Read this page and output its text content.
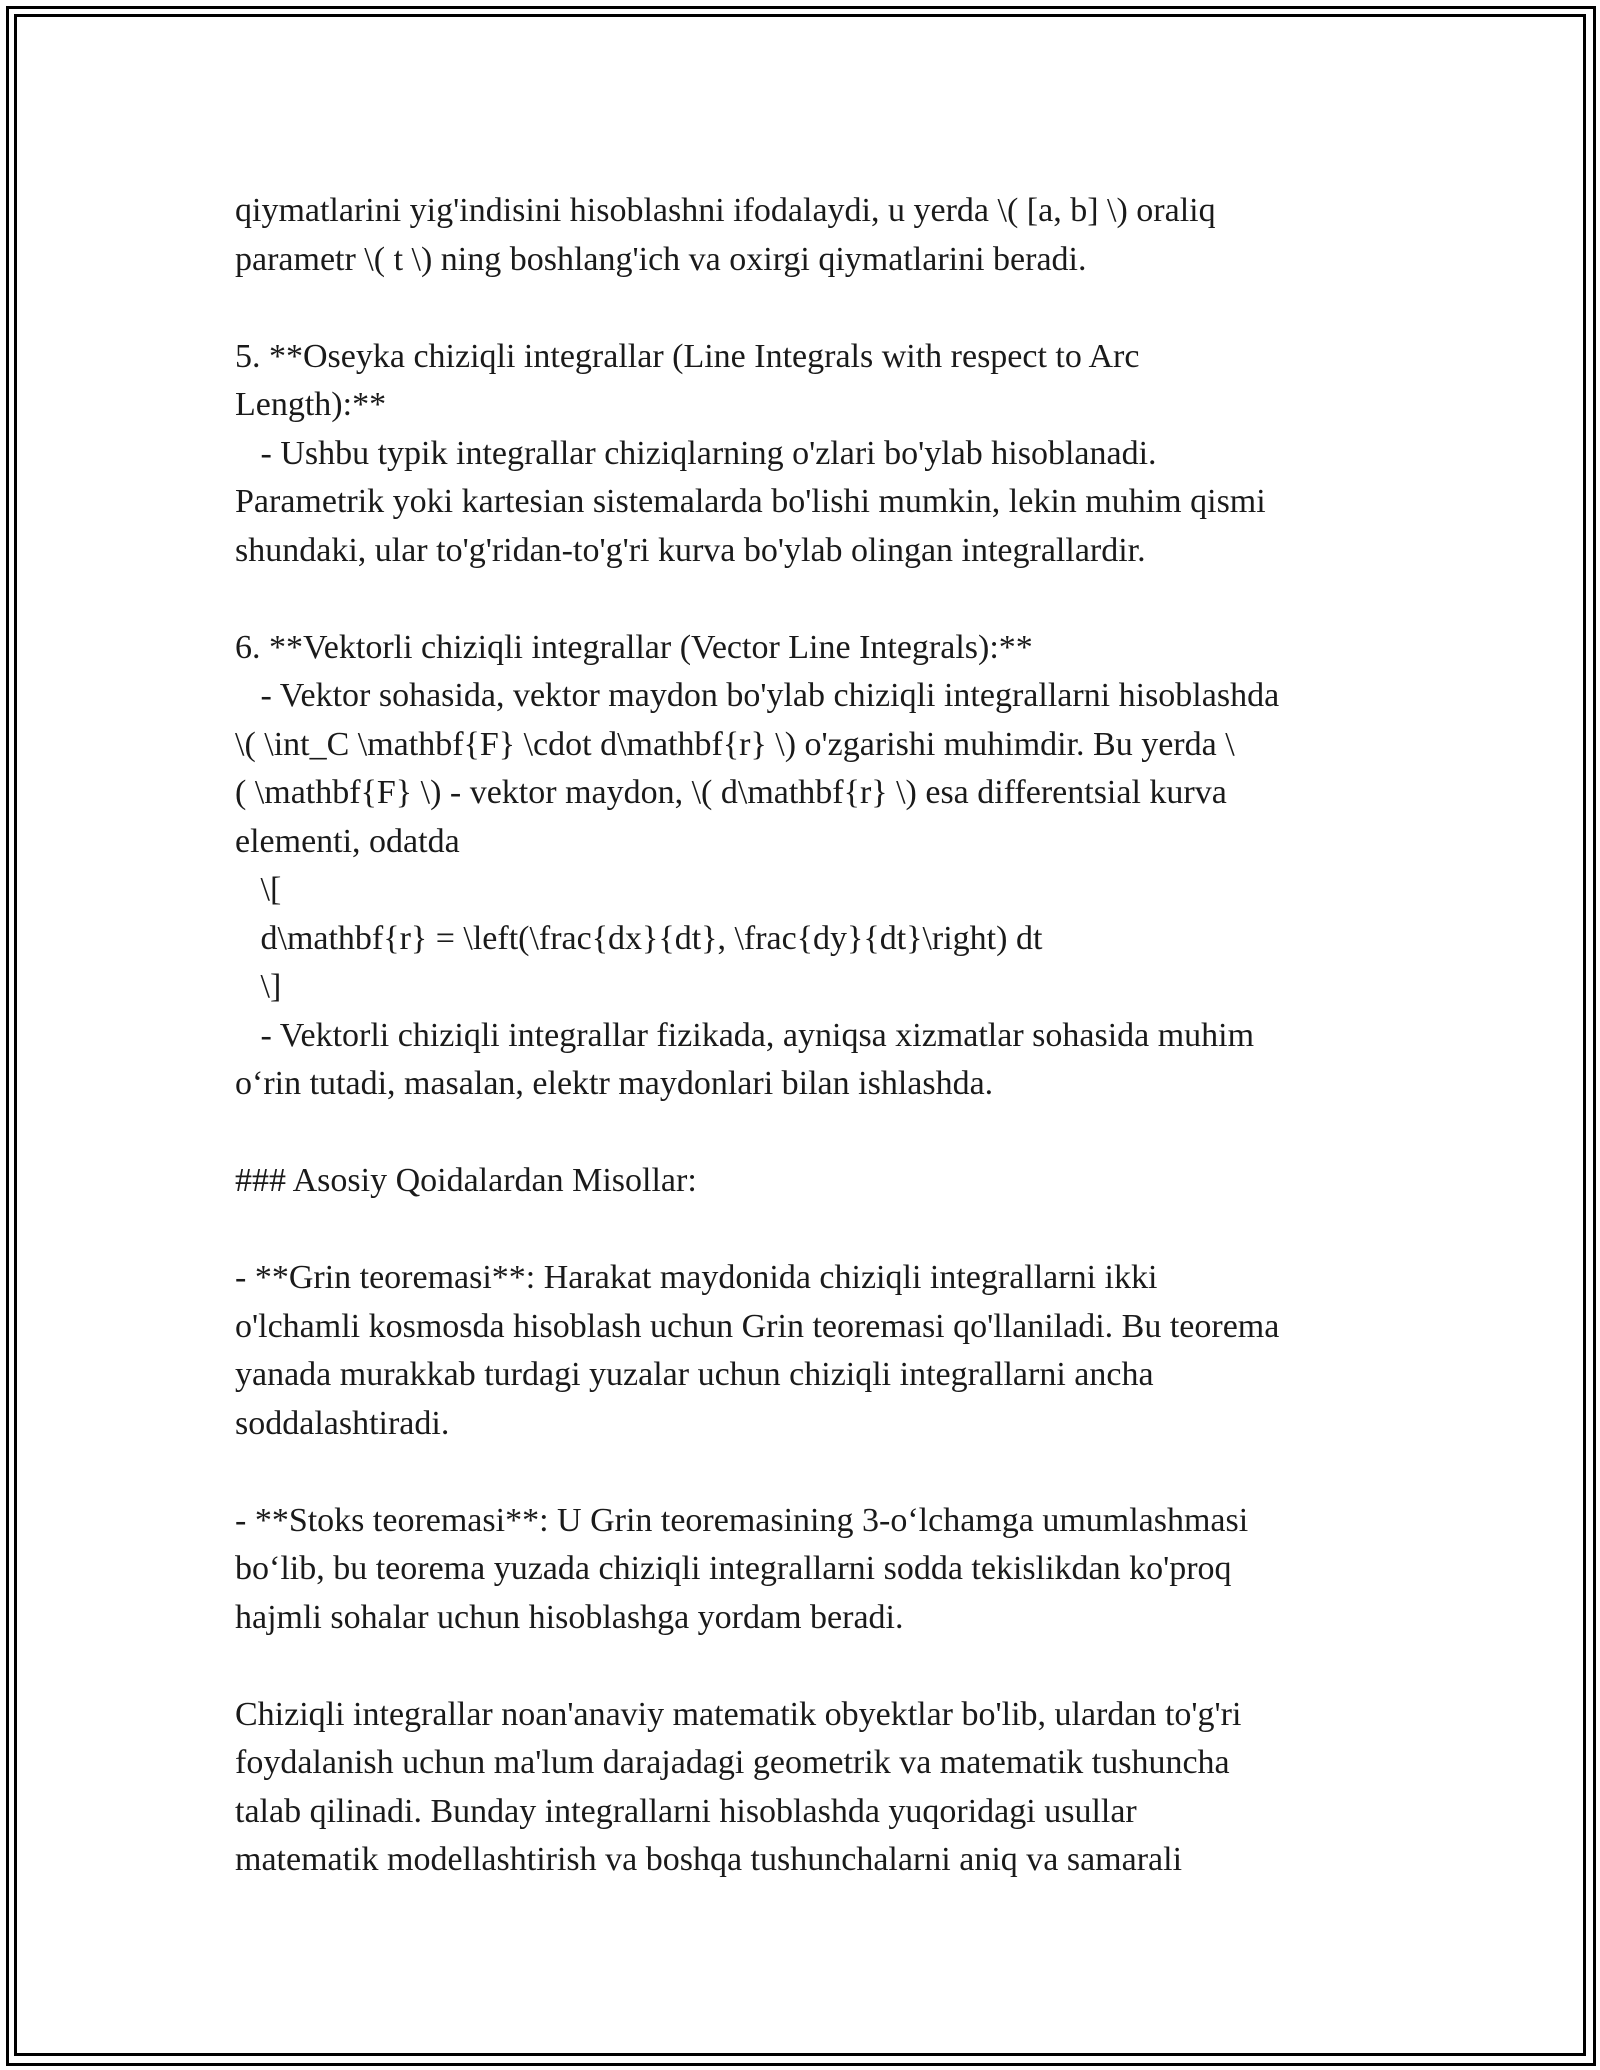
qiymatlarini yig'indisini hisoblashni ifodalaydi, u yerda \( [a, b] \) oraliq
parametr \( t \) ning boshlang'ich va oxirgi qiymatlarini beradi.
5. **Oseyka chiziqli integrallar (Line Integrals with respect to Arc
Length):**
- Ushbu typik integrallar chiziqlarning o'zlari bo'ylab hisoblanadi.
Parametrik yoki kartesian sistemalarda bo'lishi mumkin, lekin muhim qismi
shundaki, ular to'g'ridan-to'g'ri kurva bo'ylab olingan integrallardir.
6. **Vektorli chiziqli integrallar (Vector Line Integrals):**
- Vektor sohasida, vektor maydon bo'ylab chiziqli integrallarni hisoblashda
\( \int_C \mathbf{F} \cdot d\mathbf{r} \) o'zgarishi muhimdir. Bu yerda \
( \mathbf{F} \) - vektor maydon, \( d\mathbf{r} \) esa differentsial kurva
elementi, odatda
\[
d\mathbf{r} = \left(\frac{dx}{dt}, \frac{dy}{dt}\right) dt
\]
- Vektorli chiziqli integrallar fizikada, ayniqsa xizmatlar sohasida muhim
o‘rin tutadi, masalan, elektr maydonlari bilan ishlashda.
### Asosiy Qoidalardan Misollar:
- **Grin teoremasi**: Harakat maydonida chiziqli integrallarni ikki
o'lchamli kosmosda hisoblash uchun Grin teoremasi qo'llaniladi. Bu teorema
yanada murakkab turdagi yuzalar uchun chiziqli integrallarni ancha
soddalashtiradi.
- **Stoks teoremasi**: U Grin teoremasining 3-o‘lchamga umumlashmasi
bo‘lib, bu teorema yuzada chiziqli integrallarni sodda tekislikdan ko'proq
hajmli sohalar uchun hisoblashga yordam beradi.
Chiziqli integrallar noan'anaviy matematik obyektlar bo'lib, ulardan to'g'ri
foydalanish uchun ma'lum darajadagi geometrik va matematik tushuncha
talab qilinadi. Bunday integrallarni hisoblashda yuqoridagi usullar
matematik modellashtirish va boshqa tushunchalarni aniq va samarali
